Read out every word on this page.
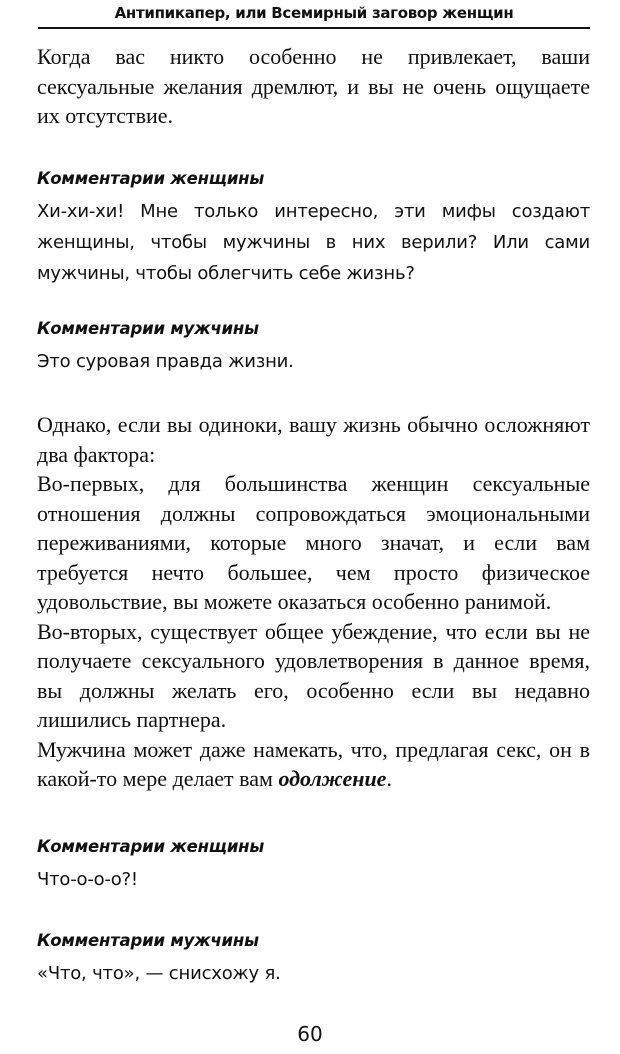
Антипикапер, или Всемирный заговор женщин

Когда вас никто особенно не привлекает, ваши сексуальные желания дремлют, и вы не очень ощущаете их отсутствие.

Комментарии женщины

Хи-хи-хи! Мне только интересно, эти мифы создают женщины, чтобы мужчины в них верили? Или сами мужчины, чтобы облегчить себе жизнь?

Комментарии мужчины

Это суровая правда жизни.

Однако, если вы одиноки, вашу жизнь обычно осложняют два фактора:

Во-первых, для большинства женщин сексуальные отношения должны сопровождаться эмоциональными переживаниями, которые много значат, и если вам требуется нечто большее, чем просто физическое удовольствие, вы можете оказаться особенно ранимой.

Во-вторых, существует общее убеждение, что если вы не получаете сексуального удовлетворения в данное время, вы должны желать его, особенно если вы недавно лишились партнера.

Мужчина может даже намекать, что, предлагая секс, он в какой-то мере делает вам одолжение.

Комментарии женщины

Что-о-о-о?!

Комментарии мужчины

«Что, что», — снисхожу я.

60
